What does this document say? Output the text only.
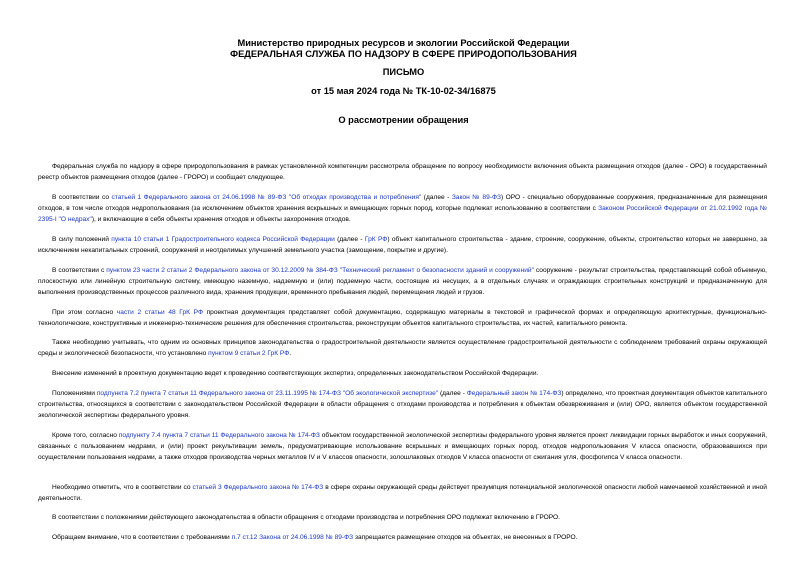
Министерство природных ресурсов и экологии Российской Федерации
ФЕДЕРАЛЬНАЯ СЛУЖБА ПО НАДЗОРУ В СФЕРЕ ПРИРОДОПОЛЬЗОВАНИЯ
ПИСЬМО
от 15 мая 2024 года № ТК-10-02-34/16875
О рассмотрении обращения

Федеральная служба по надзору в сфере природопользования в рамках установленной компетенции рассмотрела обращение по вопросу необходимости включения объекта размещения отходов (далее - ОРО) в государственный реестр объектов размещения отходов (далее - ГРОРО) и сообщает следующее.

В соответствии со статьей 1 Федерального закона от 24.06.1998 № 89-ФЗ "Об отходах производства и потребления" (далее - Закон № 89-ФЗ) ОРО - специально оборудованные сооружения, предназначенные для размещения отходов, в том числе отходов недропользования (за исключением объектов хранения вскрышных и вмещающих горных пород, которые подлежат использованию в соответствии с Законом Российской Федерации от 21.02.1992 года № 2395-I "О недрах"), и включающие в себя объекты хранения отходов и объекты захоронения отходов.

В силу положений пункта 10 статьи 1 Градостроительного кодекса Российской Федерации (далее - ГрК РФ) объект капитального строительства - здание, строение, сооружение, объекты, строительство которых не завершено, за исключением некапитальных строений, сооружений и неотделимых улучшений земельного участка (замощение, покрытие и другие).

В соответствии с пунктом 23 части 2 статьи 2 Федерального закона от 30.12.2009 № 384-ФЗ "Технический регламент о безопасности зданий и сооружений" сооружение - результат строительства, представляющий собой объемную, плоскостную или линейную строительную систему, имеющую наземную, надземную и (или) подземную части, состоящие из несущих, а в отдельных случаях и ограждающих строительных конструкций и предназначенную для выполнения производственных процессов различного вида, хранения продукции, временного пребывания людей, перемещения людей и грузов.

При этом согласно части 2 статьи 48 ГрК РФ проектная документация представляет собой документацию, содержащую материалы в текстовой и графической формах и определяющую архитектурные, функционально-технологические, конструктивные и инженерно-технические решения для обеспечения строительства, реконструкции объектов капитального строительства, их частей, капитального ремонта.

Также необходимо учитывать, что одним из основных принципов законодательства о градостроительной деятельности является осуществление градостроительной деятельности с соблюдением требований охраны окружающей среды и экологической безопасности, что установлено пунктом 9 статьи 2 ГрК РФ.

Внесение изменений в проектную документацию ведет к проведению соответствующих экспертиз, определенных законодательством Российской Федерации.

Положениями подпункта 7.2 пункта 7 статьи 11 Федерального закона от 23.11.1995 № 174-ФЗ "Об экологической экспертизе" (далее - Федеральный закон № 174-ФЗ) определено, что проектная документация объектов капитального строительства, относящихся в соответствии с законодательством Российской Федерации в области обращения с отходами производства и потребления к объектам обезвреживания и (или) ОРО, является объектом государственной экологической экспертизы федерального уровня.

Кроме того, согласно подпункту 7.4 пункта 7 статьи 11 Федерального закона № 174-ФЗ объектом государственной экологической экспертизы федерального уровня является проект ликвидации горных выработок и иных сооружений, связанных с пользованием недрами, и (или) проект рекультивации земель, предусматривающие использование вскрышных и вмещающих горных пород, отходов недропользования V класса опасности, образовавшихся при осуществлении пользования недрами, а также отходов производства черных металлов IV и V классов опасности, золошлаковых отходов V класса опасности от сжигания угля, фосфогипса V класса опасности.

Необходимо отметить, что в соответствии со статьей 3 Федерального закона № 174-ФЗ в сфере охраны окружающей среды действует презумпция потенциальной экологической опасности любой намечаемой хозяйственной и иной деятельности.

В соответствии с положениями действующего законодательства в области обращения с отходами производства и потребления ОРО подлежат включению в ГРОРО.

Обращаем внимание, что в соответствии с требованиями п.7 ст.12 Закона от 24.06.1998 № 89-ФЗ запрещается размещение отходов на объектах, не внесенных в ГРОРО.
